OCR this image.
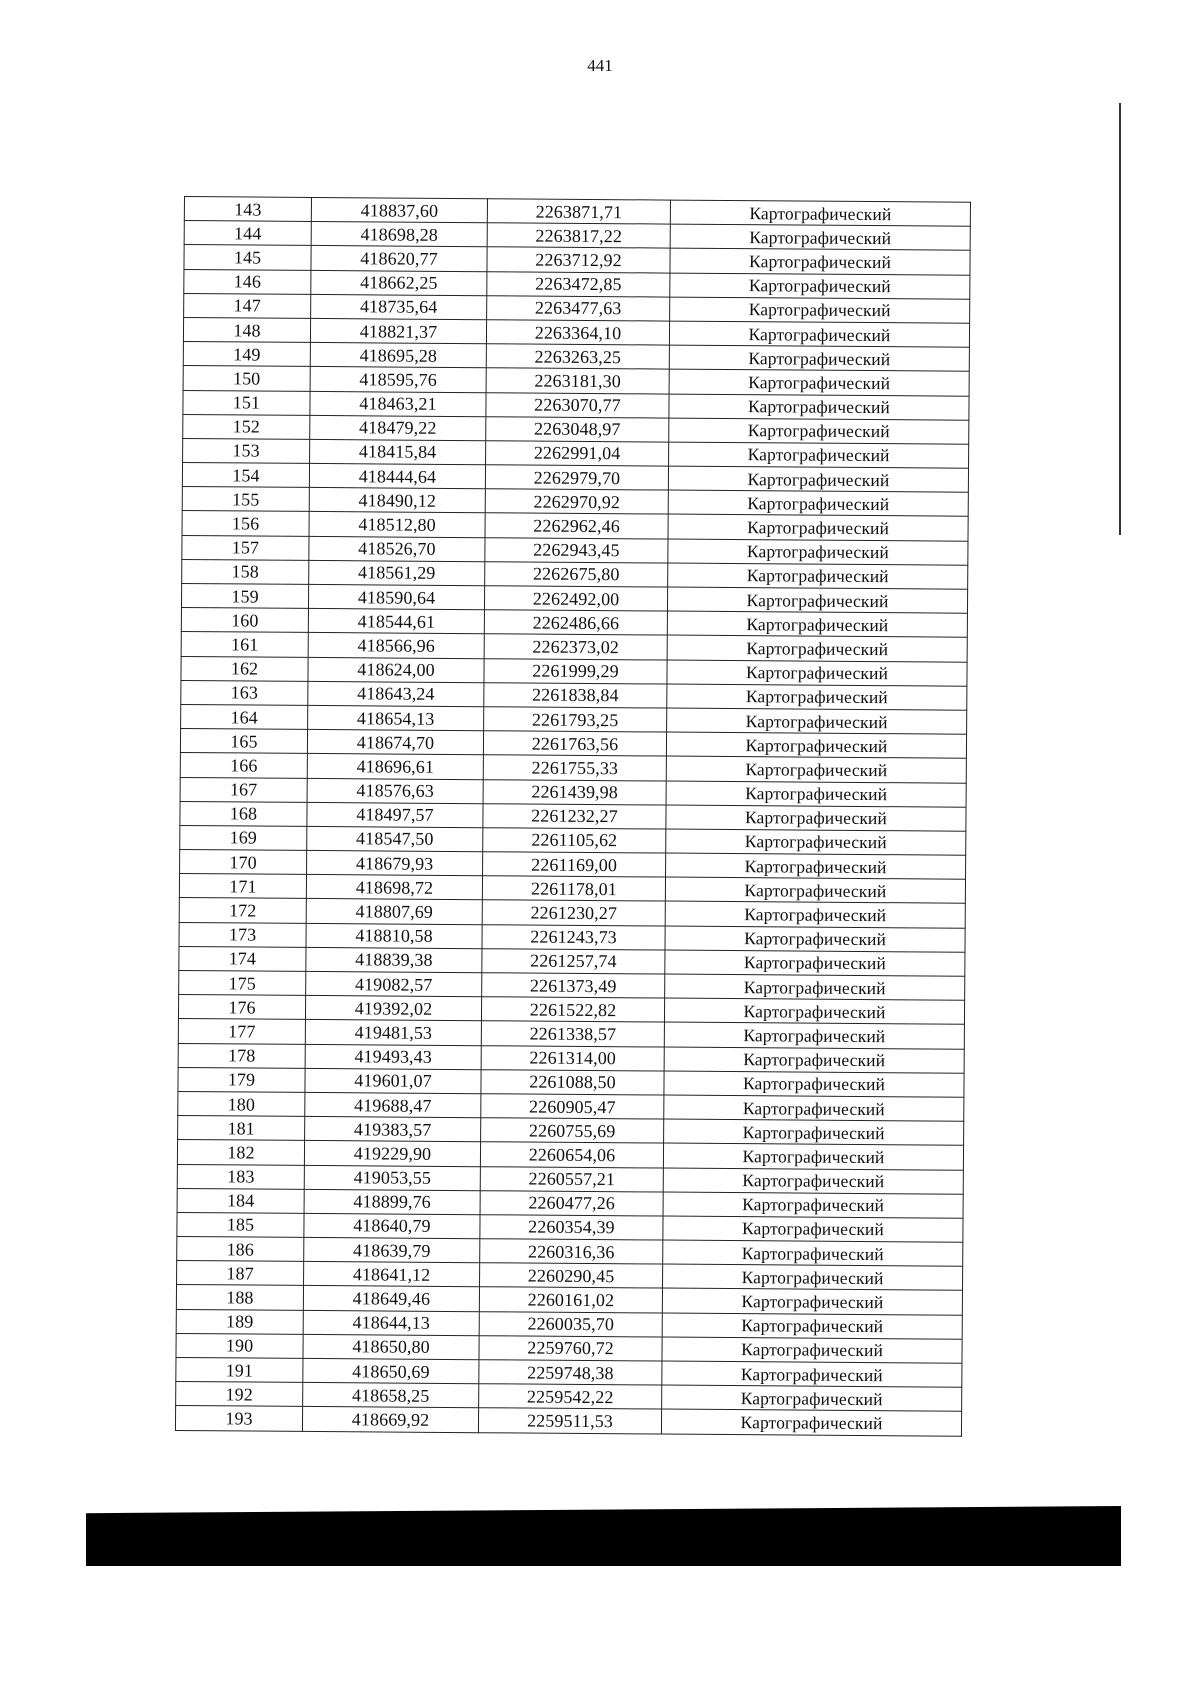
441
143	418837,60	2263871,71	Картографический
144	418698,28	2263817,22	Картографический
145	418620,77	2263712,92	Картографический
146	418662,25	2263472,85	Картографический
147	418735,64	2263477,63	Картографический
148	418821,37	2263364,10	Картографический
149	418695,28	2263263,25	Картографический
150	418595,76	2263181,30	Картографический
151	418463,21	2263070,77	Картографический
152	418479,22	2263048,97	Картографический
153	418415,84	2262991,04	Картографический
154	418444,64	2262979,70	Картографический
155	418490,12	2262970,92	Картографический
156	418512,80	2262962,46	Картографический
157	418526,70	2262943,45	Картографический
158	418561,29	2262675,80	Картографический
159	418590,64	2262492,00	Картографический
160	418544,61	2262486,66	Картографический
161	418566,96	2262373,02	Картографический
162	418624,00	2261999,29	Картографический
163	418643,24	2261838,84	Картографический
164	418654,13	2261793,25	Картографический
165	418674,70	2261763,56	Картографический
166	418696,61	2261755,33	Картографический
167	418576,63	2261439,98	Картографический
168	418497,57	2261232,27	Картографический
169	418547,50	2261105,62	Картографический
170	418679,93	2261169,00	Картографический
171	418698,72	2261178,01	Картографический
172	418807,69	2261230,27	Картографический
173	418810,58	2261243,73	Картографический
174	418839,38	2261257,74	Картографический
175	419082,57	2261373,49	Картографический
176	419392,02	2261522,82	Картографический
177	419481,53	2261338,57	Картографический
178	419493,43	2261314,00	Картографический
179	419601,07	2261088,50	Картографический
180	419688,47	2260905,47	Картографический
181	419383,57	2260755,69	Картографический
182	419229,90	2260654,06	Картографический
183	419053,55	2260557,21	Картографический
184	418899,76	2260477,26	Картографический
185	418640,79	2260354,39	Картографический
186	418639,79	2260316,36	Картографический
187	418641,12	2260290,45	Картографический
188	418649,46	2260161,02	Картографический
189	418644,13	2260035,70	Картографический
190	418650,80	2259760,72	Картографический
191	418650,69	2259748,38	Картографический
192	418658,25	2259542,22	Картографический
193	418669,92	2259511,53	Картографический
